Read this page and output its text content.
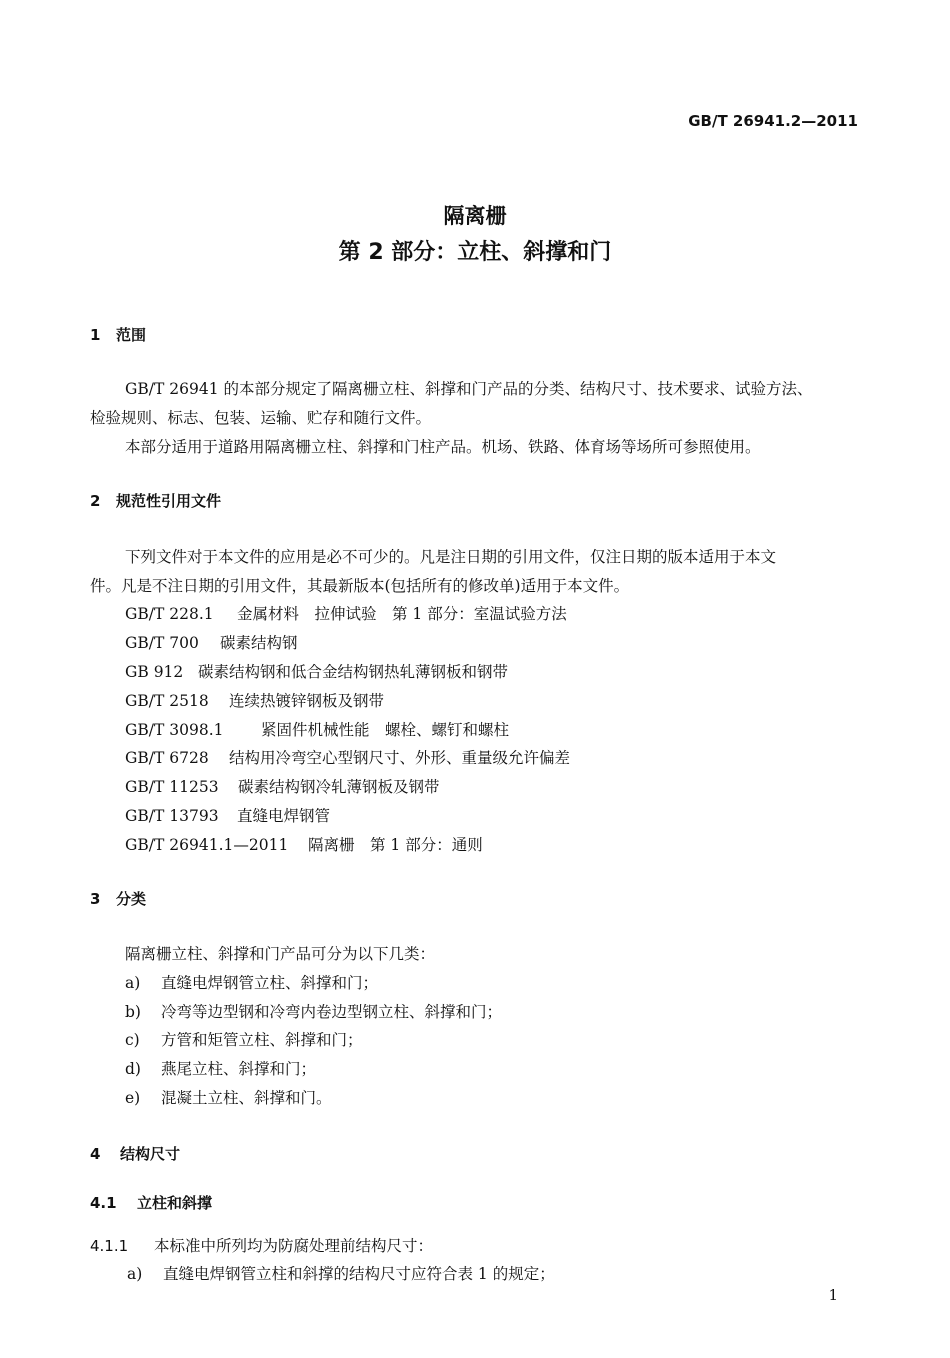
GB/T 26941.2—2011
隔离栅
第 2 部分：立柱、斜撑和门
1 范围
GB/T 26941 的本部分规定了隔离栅立柱、斜撑和门产品的分类、结构尺寸、技术要求、试验方法、
检验规则、标志、包装、运输、贮存和随行文件。
本部分适用于道路用隔离栅立柱、斜撑和门柱产品。机场、铁路、体育场等场所可参照使用。
2 规范性引用文件
下列文件对于本文件的应用是必不可少的。凡是注日期的引用文件，仅注日期的版本适用于本文
件。凡是不注日期的引用文件，其最新版本(包括所有的修改单)适用于本文件。
GB/T 228.1 金属材料　拉伸试验　第 1 部分：室温试验方法
GB/T 700 碳素结构钢
GB 912 碳素结构钢和低合金结构钢热轧薄钢板和钢带
GB/T 2518 连续热镀锌钢板及钢带
GB/T 3098.1 紧固件机械性能　螺栓、螺钉和螺柱
GB/T 6728 结构用冷弯空心型钢尺寸、外形、重量级允许偏差
GB/T 11253 碳素结构钢冷轧薄钢板及钢带
GB/T 13793 直缝电焊钢管
GB/T 26941.1—2011 隔离栅　第 1 部分：通则
3 分类
隔离栅立柱、斜撑和门产品可分为以下几类：
a) 直缝电焊钢管立柱、斜撑和门；
b) 冷弯等边型钢和冷弯内卷边型钢立柱、斜撑和门；
c) 方管和矩管立柱、斜撑和门；
d) 燕尾立柱、斜撑和门；
e) 混凝土立柱、斜撑和门。
4 结构尺寸
4.1 立柱和斜撑
4.1.1 本标准中所列均为防腐处理前结构尺寸：
a) 直缝电焊钢管立柱和斜撑的结构尺寸应符合表 1 的规定；
1
